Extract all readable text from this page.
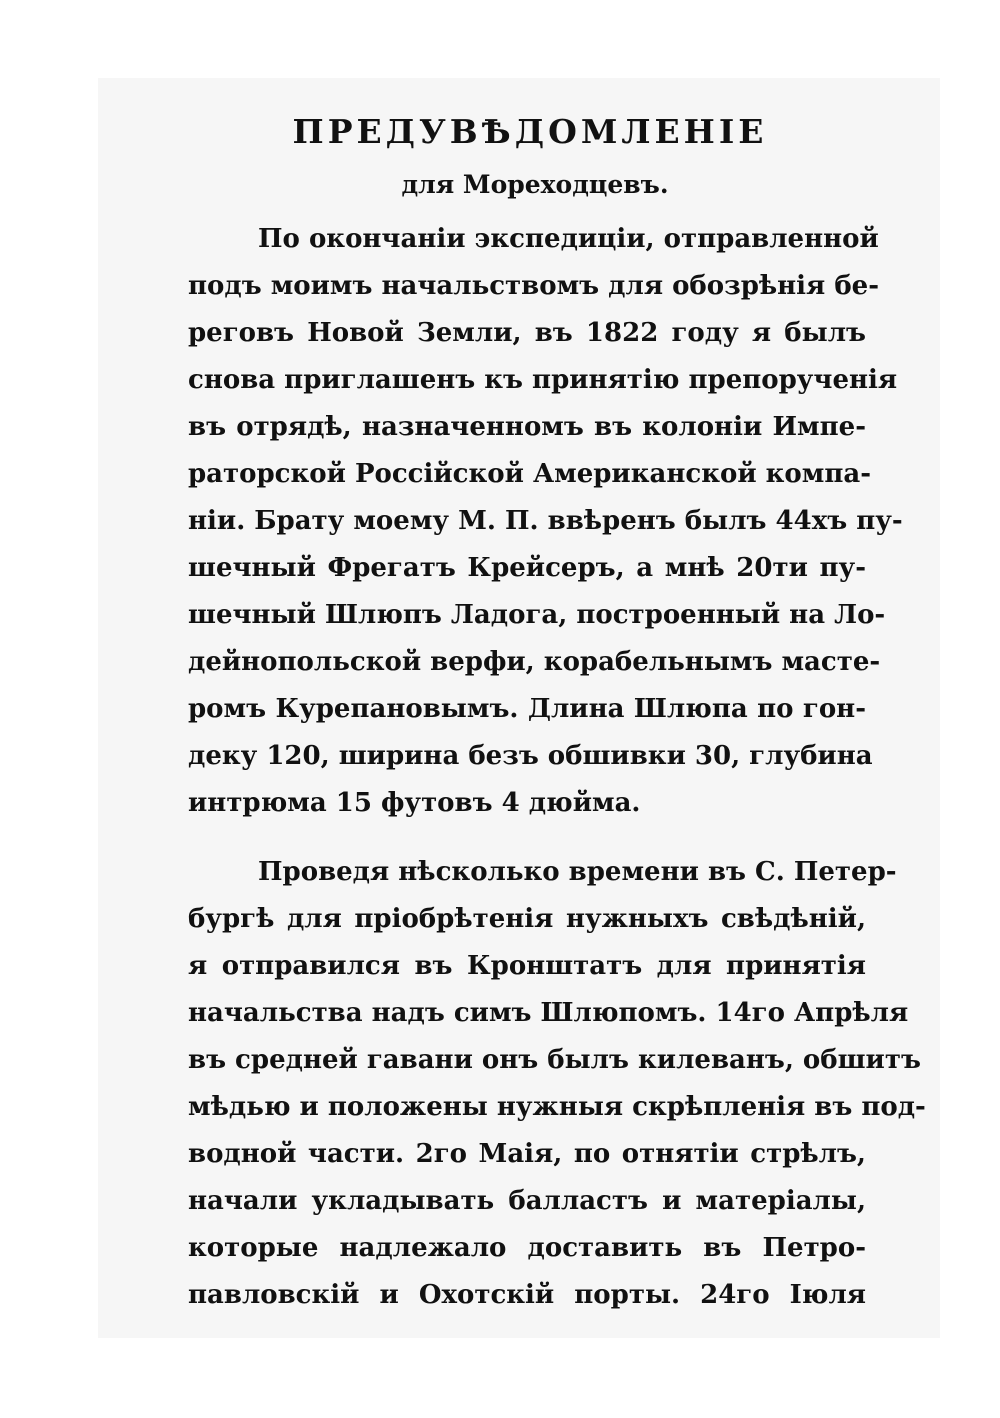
ПРЕДУВѢДОМЛЕНІЕ
для Мореходцевъ.
По окончаніи экспедиціи, отправленной
подъ моимъ начальствомъ для обозрѣнія бе-
реговъ Новой Земли, въ 1822 году я былъ
снова приглашенъ къ принятію препорученія
въ отрядѣ, назначенномъ въ колоніи Импе-
раторской Россійской Американской компа-
ніи. Брату моему М. П. ввѣренъ былъ 44хъ пу-
шечный Фрегатъ Крейсеръ, а мнѣ 20ти пу-
шечный Шлюпъ Ладога, построенный на Ло-
дейнопольской верфи, корабельнымъ масте-
ромъ Курепановымъ. Длина Шлюпа по гон-
деку 120, ширина безъ обшивки 30, глубина
интрюма 15 футовъ 4 дюйма.
Проведя нѣсколько времени въ С. Петер-
бургѣ для пріобрѣтенія нужныхъ свѣдѣній,
я отправился въ Кронштатъ для принятія
начальства надъ симъ Шлюпомъ. 14го Апрѣля
въ средней гавани онъ былъ килеванъ, обшитъ
мѣдью и положены нужныя скрѣпленія въ под-
водной части. 2го Маія, по отнятіи стрѣлъ,
начали укладывать балластъ и матеріалы,
которые надлежало доставить въ Петро-
павловскій и Охотскій порты. 24го Іюля
